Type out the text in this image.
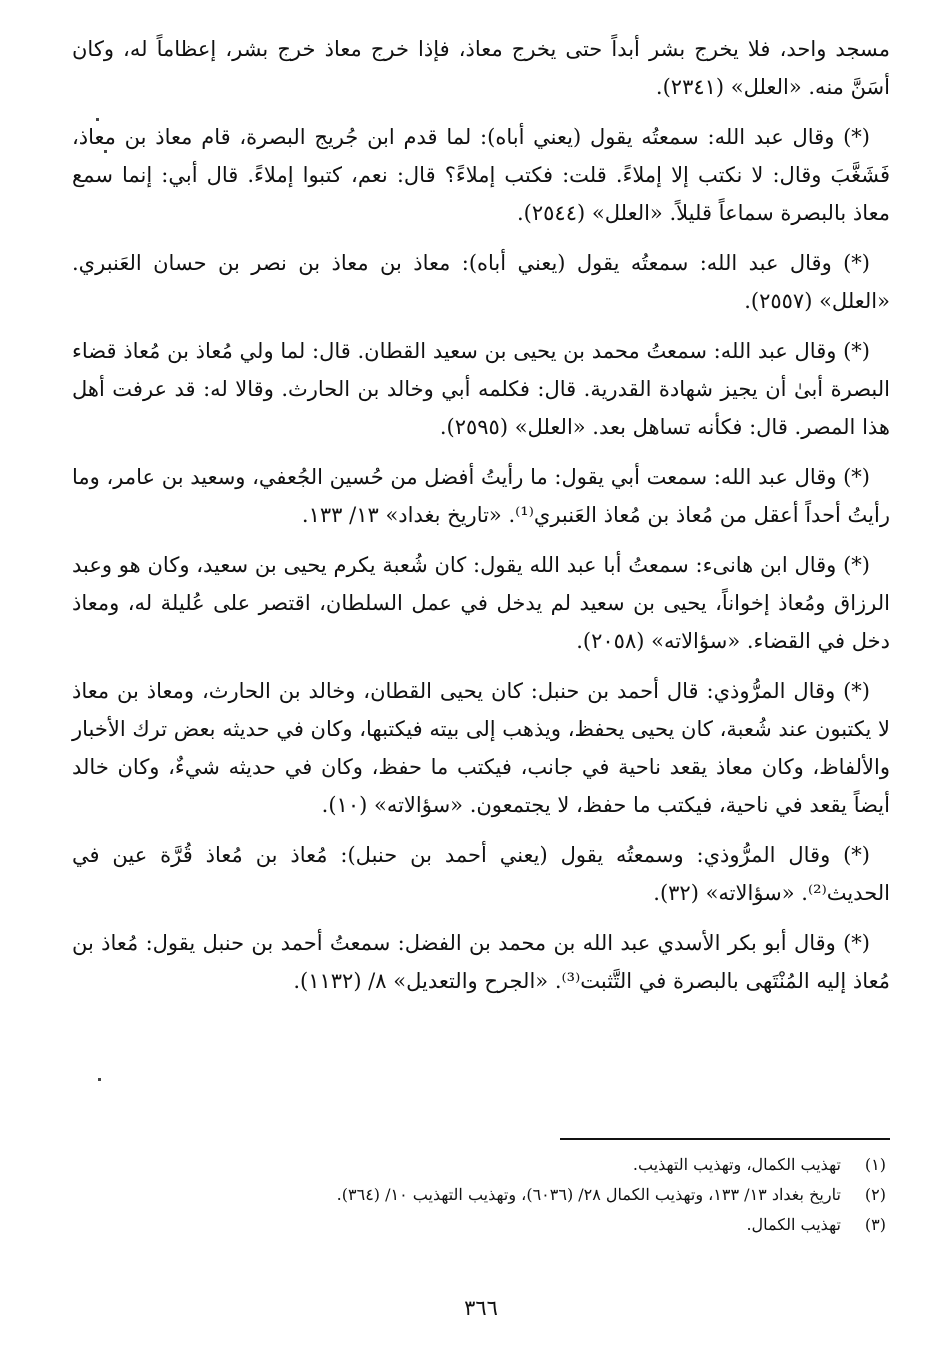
مسجد واحد، فلا يخرج بشر أبداً حتى يخرج معاذ، فإذا خرج معاذ خرج بشر، إعظاماً له، وكان أسَنَّ منه. «العلل» (٢٣٤١).

(*) وقال عبد الله: سمعتُه يقول (يعني أباه): لما قدم ابن جُريج البصرة، قام معاذ بن معاذ، فَشَغَّبَ وقال: لا نكتب إلا إملاءً. قلت: فكتب إملاءً؟ قال: نعم، كتبوا إملاءً. قال أبي: إنما سمع معاذ بالبصرة سماعاً قليلاً. «العلل» (٢٥٤٤).

(*) وقال عبد الله: سمعتُه يقول (يعني أباه): معاذ بن معاذ بن نصر بن حسان العَنبري. «العلل» (٢٥٥٧).

(*) وقال عبد الله: سمعتُ محمد بن يحيى بن سعيد القطان. قال: لما ولي مُعاذ بن مُعاذ قضاء البصرة أبىٰ أن يجيز شهادة القدرية. قال: فكلمه أبي وخالد بن الحارث. وقالا له: قد عرفت أهل هذا المصر. قال: فكأنه تساهل بعد. «العلل» (٢٥٩٥).

(*) وقال عبد الله: سمعت أبي يقول: ما رأيتُ أفضل من حُسين الجُعفي، وسعيد بن عامر، وما رأيتُ أحداً أعقل من مُعاذ بن مُعاذ العَنبري⁽¹⁾. «تاريخ بغداد» ١٣/ ١٣٣.

(*) وقال ابن هانىء: سمعتُ أبا عبد الله يقول: كان شُعبة يكرم يحيى بن سعيد، وكان هو وعبد الرزاق ومُعاذ إخواناً، يحيى بن سعيد لم يدخل في عمل السلطان، اقتصر على عُليلة له، ومعاذ دخل في القضاء. «سؤالاته» (٢٠٥٨).

(*) وقال المرُّوذي: قال أحمد بن حنبل: كان يحيى القطان، وخالد بن الحارث، ومعاذ بن معاذ لا يكتبون عند شُعبة، كان يحيى يحفظ، ويذهب إلى بيته فيكتبها، وكان في حديثه بعض ترك الأخبار والألفاظ، وكان معاذ يقعد ناحية في جانب، فيكتب ما حفظ، وكان في حديثه شيءٌ، وكان خالد أيضاً يقعد في ناحية، فيكتب ما حفظ، لا يجتمعون. «سؤالاته» (١٠).

(*) وقال المرُّوذي: وسمعتُه يقول (يعني أحمد بن حنبل): مُعاذ بن مُعاذ قُرَّة عين في الحديث⁽²⁾. «سؤالاته» (٣٢).

(*) وقال أبو بكر الأسدي عبد الله بن محمد بن الفضل: سمعتُ أحمد بن حنبل يقول: مُعاذ بن مُعاذ إليه المُنْتَهى بالبصرة في التَّثبت⁽³⁾. «الجرح والتعديل» ٨/ (١١٣٢).

(١) تهذيب الكمال، وتهذيب التهذيب.

(٢) تاريخ بغداد ١٣/ ١٣٣، وتهذيب الكمال ٢٨/ (٦٠٣٦)، وتهذيب التهذيب ١٠/ (٣٦٤).

(٣) تهذيب الكمال.

٣٦٦
